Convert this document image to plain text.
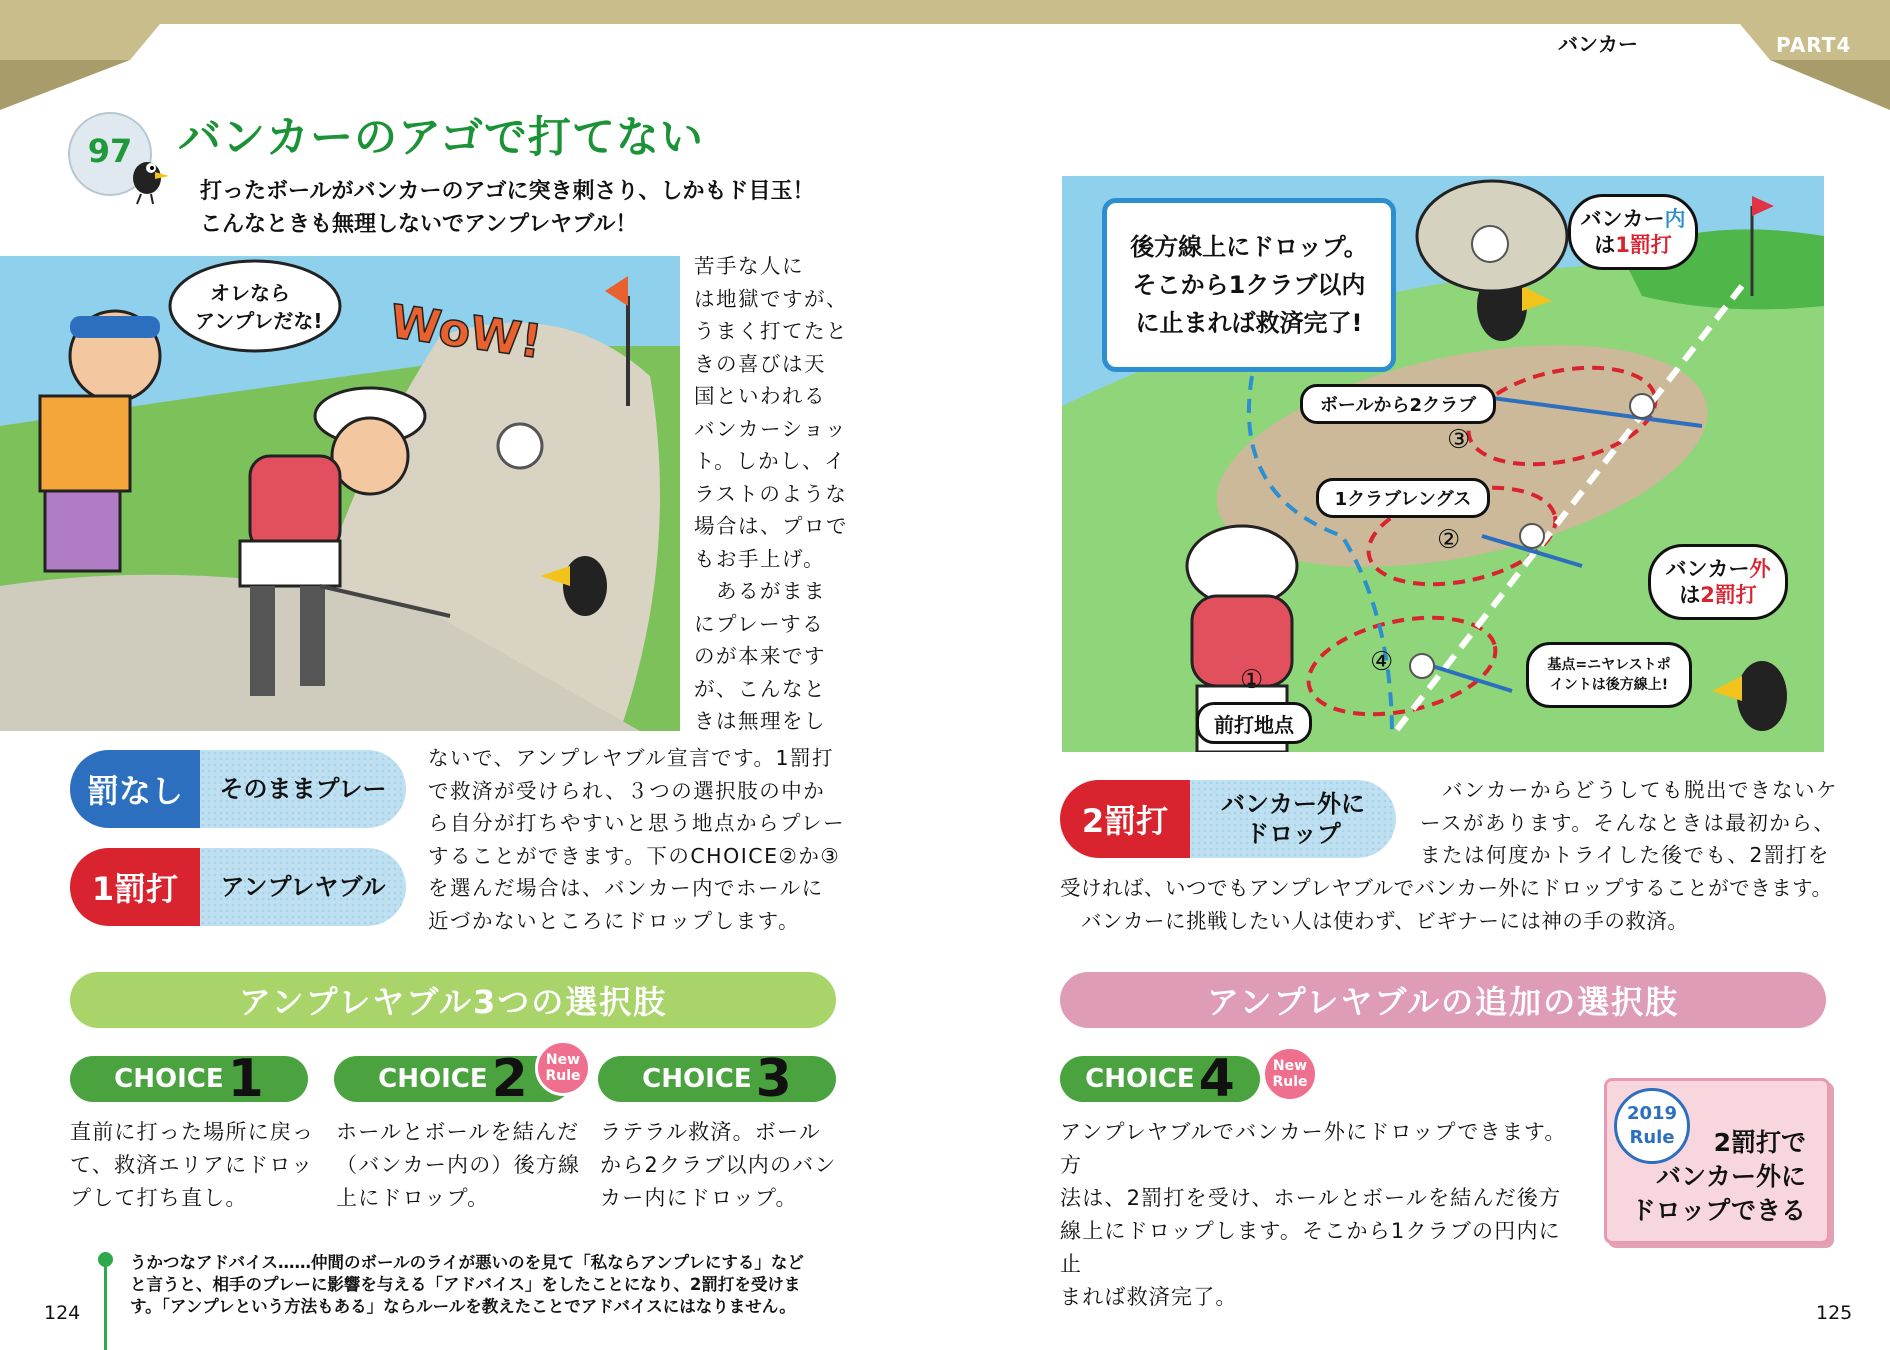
BUNKER	バンカー	PART4
97	バンカーのアゴで打てない
打ったボールがバンカーのアゴに突き刺さり、しかもド目玉！
こんなときも無理しないでアンプレヤブル！
WoW!
オレなら
アンプレだな!
苦手な人に
は地獄ですが、
うまく打てたと
きの喜びは天
国といわれる
バンカーショッ
ト。しかし、イ
ラストのような
場合は、プロで
もお手上げ。
　あるがまま
にプレーする
のが本来です
が、こんなと
きは無理をし
ないで、アンプレヤブル宣言です。1罰打
で救済が受けられ、３つの選択肢の中か
ら自分が打ちやすいと思う地点からプレー
することができます。下のCHOICE②か③
を選んだ場合は、バンカー内でホールに
近づかないところにドロップします。
罰なし	そのままプレー
1罰打	アンプレヤブル
アンプレヤブル3つの選択肢
CHOICE 1	CHOICE 2	New Rule	CHOICE 3
直前に打った場所に戻っ
て、救済エリアにドロッ
プして打ち直し。
ホールとボールを結んだ
（バンカー内の）後方線
上にドロップ。
ラテラル救済。ボール
から2クラブ以内のバン
カー内にドロップ。
うかつなアドバイス……仲間のボールのライが悪いのを見て「私ならアンプレにする」など
と言うと、相手のプレーに影響を与える「アドバイス」をしたことになり、2罰打を受けま
す。「アンプレという方法もある」ならルールを教えたことでアドバイスにはなりません。
124
③
②
④
①
後方線上にドロップ。
そこから1クラブ以内
に止まれば救済完了!
バンカー内
は1罰打
ボールから2クラブ
1クラブレングス
バンカー外
は2罰打
基点=ニヤレストポ
イントは後方線上!
前打地点
2罰打	バンカー外に
ドロップ
　バンカーからどうしても脱出できないケ
ースがあります。そんなときは最初から、
または何度かトライした後でも、2罰打を
受ければ、いつでもアンプレヤブルでバンカー外にドロップすることができます。
　バンカーに挑戦したい人は使わず、ビギナーには神の手の救済。
アンプレヤブルの追加の選択肢
CHOICE 4	New
Rule
アンプレヤブルでバンカー外にドロップできます。方
法は、2罰打を受け、ホールとボールを結んだ後方
線上にドロップします。そこから1クラブの円内に止
まれば救済完了。
2019
Rule	2罰打で
バンカー外に
ドロップできる
125
